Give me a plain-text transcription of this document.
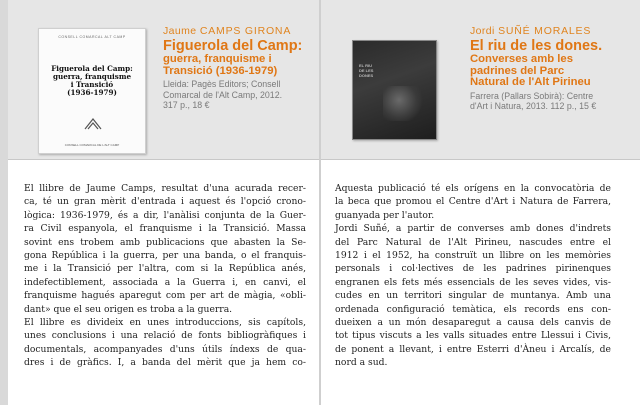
CONSELL COMARCAL ALT CAMP
Figuerola del Camp:
guerra, franquisme
i Transició
(1936-1979)
CONSELL COMARCAL DE L'ALT CAMP
Jaume CAMPS GIRONA
Figuerola del Camp:
guerra, franquisme i
Transició (1936-1979)
Lleida: Pagès Editors; Consell
Comarcal de l'Alt Camp, 2012.
317 p., 18 €
EL RIU
DE LES
DONES
Jordi SUÑÉ MORALES
El riu de les dones.
Converses amb les
padrines del Parc
Natural de l'Alt Pirineu
Farrera (Pallars Sobirà): Centre
d'Art i Natura, 2013. 112 p., 15 €
El llibre de Jaume Camps, resultat d'una acurada recer-
ca, té un gran mèrit d'entrada i aquest és l'opció crono-
lògica: 1936-1979, és a dir, l'anàlisi conjunta de la Guer-
ra Civil espanyola, el franquisme i la Transició. Massa
sovint ens trobem amb publicacions que abasten la Se-
gona República i la guerra, per una banda, o el franquis-
me i la Transició per l'altra, com si la República anés,
indefectiblement, associada a la Guerra i, en canvi, el
franquisme hagués aparegut com per art de màgia, «obli-
dant» que el seu origen es troba a la guerra.
El llibre es divideix en unes introduccions, sis capítols,
unes conclusions i una relació de fonts bibliogràfiques i
documentals, acompanyades d'uns útils índexs de qua-
dres i de gràfics. I, a banda del mèrit que ja hem co-
Aquesta publicació té els orígens en la convocatòria de
la beca que promou el Centre d'Art i Natura de Farrera,
guanyada per l'autor.
Jordi Suñé, a partir de converses amb dones d'indrets
del Parc Natural de l'Alt Pirineu, nascudes entre el
1912 i el 1952, ha construït un llibre on les memòries
personals i col·lectives de les padrines pirinenques
engranen els fets més essencials de les seves vides, vis-
cudes en un territori singular de muntanya. Amb una
ordenada configuració temàtica, els records ens con-
dueixen a un món desaparegut a causa dels canvis de
tot tipus viscuts a les valls situades entre Llessui i Civis,
de ponent a llevant, i entre Esterri d'Àneu i Arcalís, de
nord a sud.
